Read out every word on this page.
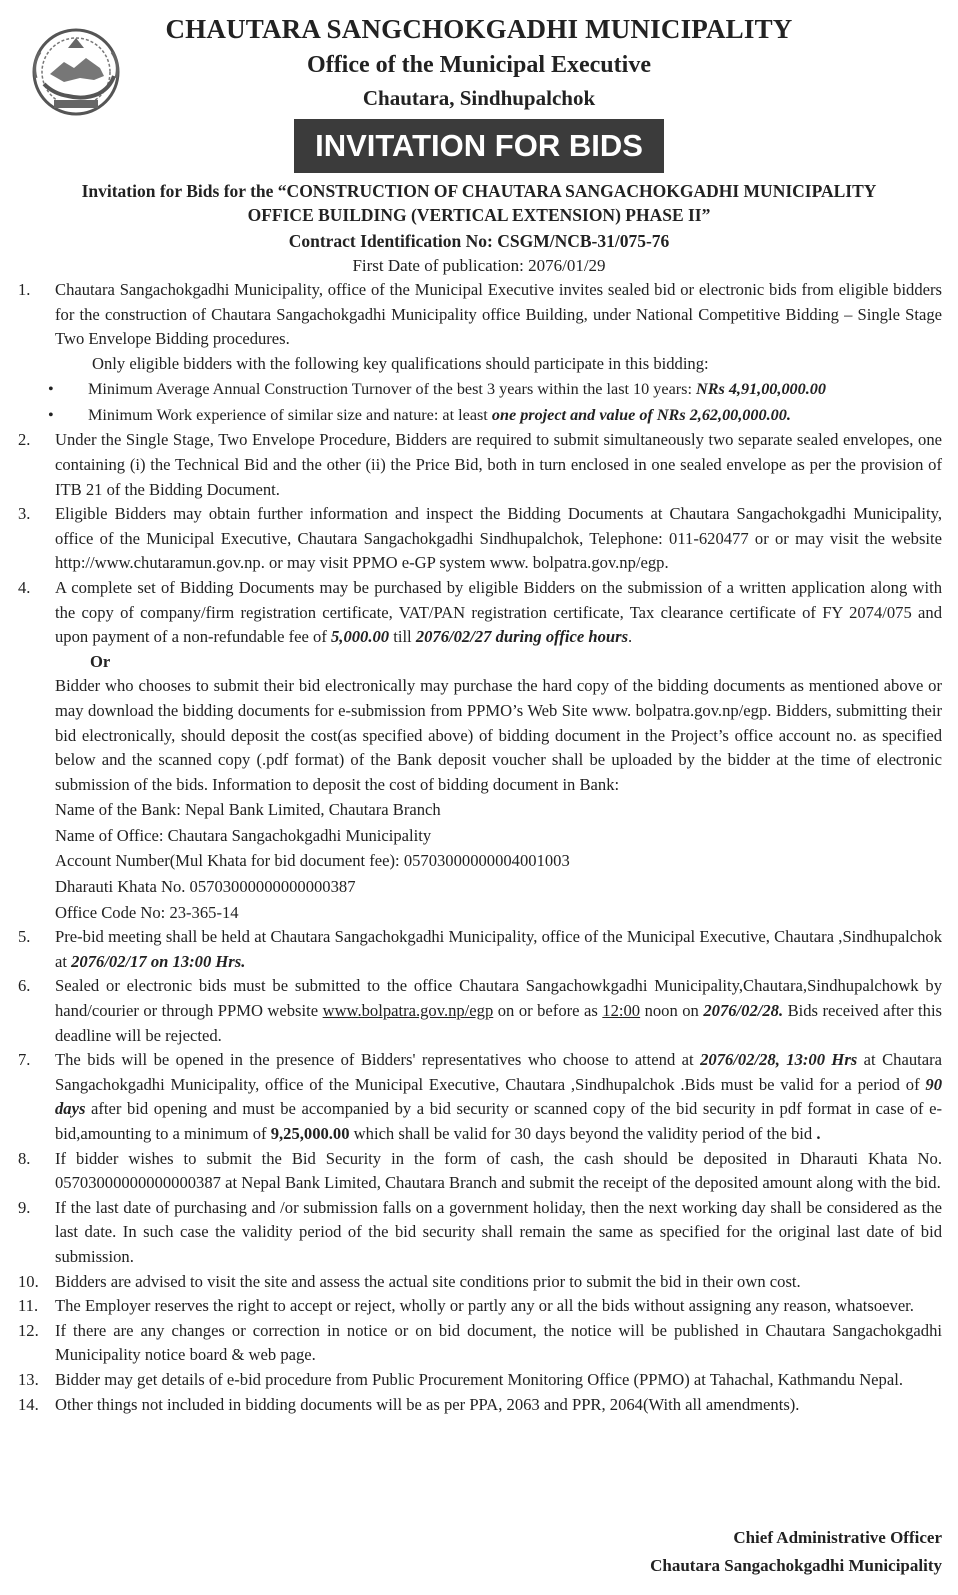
CHAUTARA SANGCHOKGADHI MUNICIPALITY
Office of the Municipal Executive
Chautara, Sindhupalchok
INVITATION FOR BIDS
Invitation for Bids for the “CONSTRUCTION OF CHAUTARA SANGACHOKGADHI MUNICIPALITY
OFFICE BUILDING (VERTICAL EXTENSION) PHASE II”
Contract Identification No: CSGM/NCB-31/075-76
First Date of publication: 2076/01/29
1.	Chautara Sangachokgadhi Municipality, office of the Municipal Executive invites sealed bid or electronic bids from eligible bidders for the construction of Chautara Sangachokgadhi Municipality office Building, under National Competitive Bidding – Single Stage Two Envelope Bidding procedures.
Only eligible bidders with the following key qualifications should participate in this bidding:
•	Minimum Average Annual Construction Turnover of the best 3 years within the last 10 years: NRs 4,91,00,000.00
•	Minimum Work experience of similar size and nature: at least one project and value of NRs 2,62,00,000.00.
2.	Under the Single Stage, Two Envelope Procedure, Bidders are required to submit simultaneously two separate sealed envelopes, one containing (i) the Technical Bid and the other (ii) the Price Bid, both in turn enclosed in one sealed envelope as per the provision of ITB 21 of the Bidding Document.
3.	Eligible Bidders may obtain further information and inspect the Bidding Documents at Chautara Sangachokgadhi Municipality, office of the Municipal Executive, Chautara Sangachokgadhi Sindhupalchok, Telephone: 011-620477 or or may visit the website http://www.chutaramun.gov.np. or may visit PPMO e-GP system www. bolpatra.gov.np/egp.
4.	A complete set of Bidding Documents may be purchased by eligible Bidders on the submission of a written application along with the copy of company/firm registration certificate, VAT/PAN registration certificate, Tax clearance certificate of FY 2074/075 and upon payment of a non-refundable fee of 5,000.00 till 2076/02/27 during office hours.
Or
Bidder who chooses to submit their bid electronically may purchase the hard copy of the bidding documents as mentioned above or may download the bidding documents for e-submission from PPMO’s Web Site www. bolpatra.gov.np/egp. Bidders, submitting their bid electronically, should deposit the cost(as specified above) of bidding document in the Project’s office account no. as specified below and the scanned copy (.pdf format) of the Bank deposit voucher shall be uploaded by the bidder at the time of electronic submission of the bids. Information to deposit the cost of bidding document in Bank:
Name of the Bank: Nepal Bank Limited, Chautara Branch
Name of Office: Chautara Sangachokgadhi Municipality
Account Number(Mul Khata for bid document fee): 05703000000004001003
Dharauti Khata No. 05703000000000000387
Office Code No: 23-365-14
5.	Pre-bid meeting shall be held at Chautara Sangachokgadhi Municipality, office of the Municipal Executive, Chautara ,Sindhupalchok at 2076/02/17 on 13:00 Hrs.
6.	Sealed or electronic bids must be submitted to the office Chautara Sangachowkgadhi Municipality,Chautara,Sindhupalchowk by hand/courier or through PPMO website www.bolpatra.gov.np/egp on or before as 12:00 noon on 2076/02/28. Bids received after this deadline will be rejected.
7.	The bids will be opened in the presence of Bidders' representatives who choose to attend at 2076/02/28, 13:00 Hrs at Chautara Sangachokgadhi Municipality, office of the Municipal Executive, Chautara ,Sindhupalchok .Bids must be valid for a period of 90 days after bid opening and must be accompanied by a bid security or scanned copy of the bid security in pdf format in case of e-bid,amounting to a minimum of 9,25,000.00 which shall be valid for 30 days beyond the validity period of the bid .
8.	If bidder wishes to submit the Bid Security in the form of cash, the cash should be deposited in Dharauti Khata No. 05703000000000000387 at Nepal Bank Limited, Chautara Branch and submit the receipt of the deposited amount along with the bid.
9.	If the last date of purchasing and /or submission falls on a government holiday, then the next working day shall be considered as the last date. In such case the validity period of the bid security shall remain the same as specified for the original last date of bid submission.
10. Bidders are advised to visit the site and assess the actual site conditions prior to submit the bid in their own cost.
11.	The Employer reserves the right to accept or reject, wholly or partly any or all the bids without assigning any reason, whatsoever.
12. If there are any changes or correction in notice or on bid document, the notice will be published in Chautara Sangachokgadhi Municipality notice board & web page.
13. Bidder may get details of e-bid procedure from Public Procurement Monitoring Office (PPMO) at Tahachal, Kathmandu Nepal.
14. Other things not included in bidding documents will be as per PPA, 2063 and PPR, 2064(With all amendments).
Chief Administrative Officer
Chautara Sangachokgadhi Municipality
